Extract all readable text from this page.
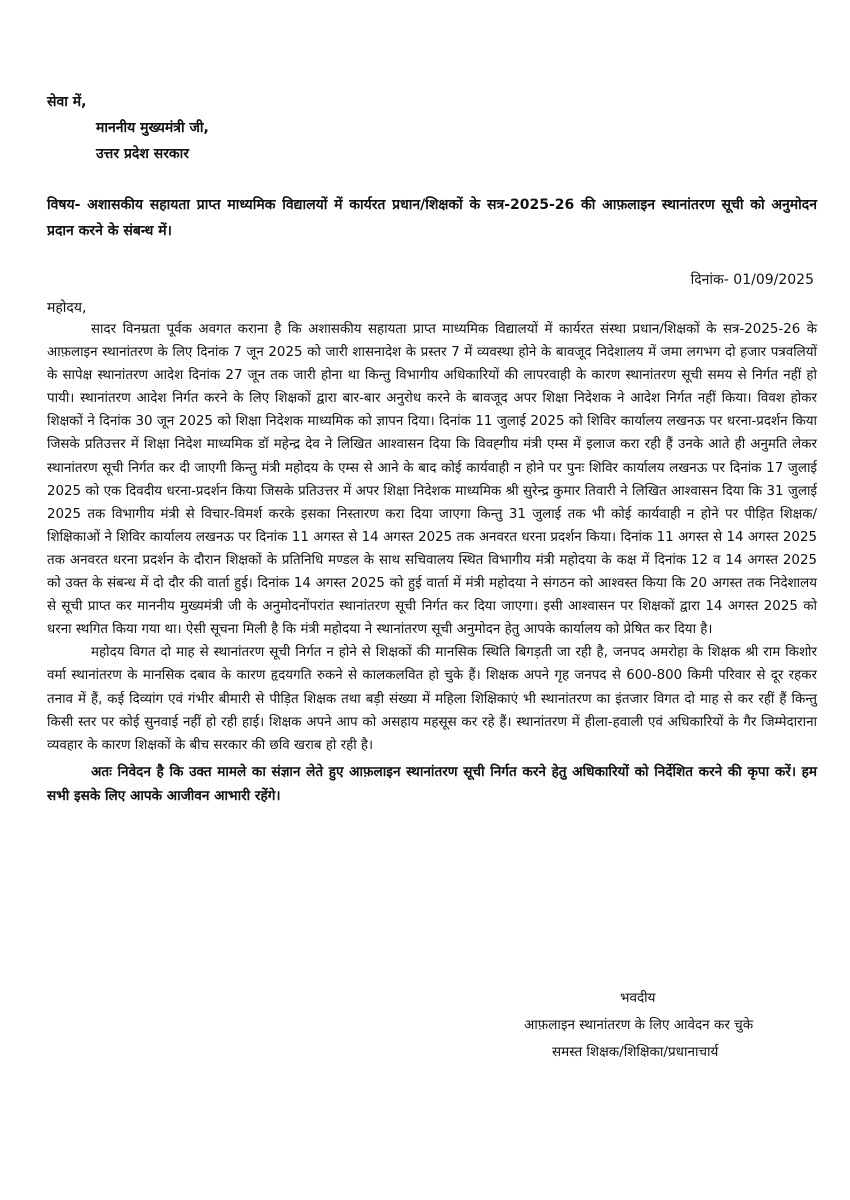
सेवा में,
माननीय मुख्यमंत्री जी,
उत्तर प्रदेश सरकार
विषय- अशासकीय सहायता प्राप्त माध्यमिक विद्यालयों में कार्यरत प्रधान/शिक्षकों के सत्र-2025-26 की आफ़लाइन स्थानांतरण सूची को अनुमोदन प्रदान करने के संबन्ध में।
दिनांक- 01/09/2025
महोदय,

सादर विनम्रता पूर्वक अवगत कराना है कि अशासकीय सहायता प्राप्त माध्यमिक विद्यालयों में कार्यरत संस्था प्रधान/शिक्षकों के सत्र-2025-26 के आफ़लाइन स्थानांतरण के लिए दिनांक 7 जून 2025 को जारी शासनादेश के प्रस्तर 7 में व्यवस्था होने के बावजूद निदेशालय में जमा लगभग दो हजार पत्रवलियों के सापेक्ष स्थानांतरण आदेश दिनांक 27 जून तक जारी होना था किन्तु विभागीय अधिकारियों की लापरवाही के कारण स्थानांतरण सूची समय से निर्गत नहीं हो पायी। स्थानांतरण आदेश निर्गत करने के लिए शिक्षकों द्वारा बार-बार अनुरोध करने के बावजूद अपर शिक्षा निदेशक ने आदेश निर्गत नहीं किया। विवश होकर शिक्षकों ने दिनांक 30 जून 2025 को शिक्षा निदेशक माध्यमिक को ज्ञापन दिया। दिनांक 11 जुलाई 2025 को शिविर कार्यालय लखनऊ पर धरना-प्रदर्शन किया जिसके प्रतिउत्तर में शिक्षा निदेश माध्यमिक डॉ महेन्द्र देव ने लिखित आश्वासन दिया कि विवह्गीय मंत्री एम्स में इलाज करा रही हैं उनके आते ही अनुमति लेकर स्थानांतरण सूची निर्गत कर दी जाएगी किन्तु मंत्री महोदय के एम्स से आने के बाद कोई कार्यवाही न होने पर पुनः शिविर कार्यालय लखनऊ पर दिनांक 17 जुलाई 2025 को एक दिवदीय धरना-प्रदर्शन किया जिसके प्रतिउत्तर में अपर शिक्षा निदेशक माध्यमिक श्री सुरेन्द्र कुमार तिवारी ने लिखित आश्वासन दिया कि 31 जुलाई 2025 तक विभागीय मंत्री से विचार-विमर्श करके इसका निस्तारण करा दिया जाएगा किन्तु 31 जुलाई तक भी कोई कार्यवाही न होने पर पीड़ित शिक्षक/शिक्षिकाओं ने शिविर कार्यालय लखनऊ पर दिनांक 11 अगस्त से 14 अगस्त 2025 तक अनवरत धरना प्रदर्शन किया। दिनांक 11 अगस्त से 14 अगस्त 2025 तक अनवरत धरना प्रदर्शन के दौरान शिक्षकों के प्रतिनिधि मण्डल के साथ सचिवालय स्थित विभागीय मंत्री महोदया के कक्ष में दिनांक 12 व 14 अगस्त 2025 को उक्त के संबन्ध में दो दौर की वार्ता हुई। दिनांक 14 अगस्त 2025 को हुई वार्ता में मंत्री महोदया ने संगठन को आश्वस्त किया कि 20 अगस्त तक निदेशालय से सूची प्राप्त कर माननीय मुख्यमंत्री जी के अनुमोदनोंपरांत स्थानांतरण सूची निर्गत कर दिया जाएगा। इसी आश्वासन पर शिक्षकों द्वारा 14 अगस्त 2025 को धरना स्थगित किया गया था। ऐसी सूचना मिली है कि मंत्री महोदया ने स्थानांतरण सूची अनुमोदन हेतु आपके कार्यालय को प्रेषित कर दिया है।

महोदय विगत दो माह से स्थानांतरण सूची निर्गत न होने से शिक्षकों की मानसिक स्थिति बिगड़ती जा रही है, जनपद अमरोहा के शिक्षक श्री राम किशोर वर्मा स्थानांतरण के मानसिक दबाव के कारण हृदयगति रुकने से कालकलवित हो चुके हैं। शिक्षक अपने गृह जनपद से 600-800 किमी परिवार से दूर रहकर तनाव में हैं, कई दिव्यांग एवं गंभीर बीमारी से पीड़ित शिक्षक तथा बड़ी संख्या में महिला शिक्षिकाएं भी स्थानांतरण का इंतजार विगत दो माह से कर रहीं हैं किन्तु किसी स्तर पर कोई सुनवाई नहीं हो रही हाई। शिक्षक अपने आप को असहाय महसूस कर रहे हैं। स्थानांतरण में हीला-हवाली एवं अधिकारियों के गैर जिम्मेदाराना व्यवहार के कारण शिक्षकों के बीच सरकार की छवि खराब हो रही है।

अतः निवेदन है कि उक्त मामले का संज्ञान लेते हुए आफ़लाइन स्थानांतरण सूची निर्गत करने हेतु अधिकारियों को निर्देशित करने की कृपा करें। हम सभी इसके लिए आपके आजीवन आभारी रहेंगे।

भवदीय
आफ़लाइन स्थानांतरण के लिए आवेदन कर चुके
समस्त शिक्षक/शिक्षिका/प्रधानाचार्य
